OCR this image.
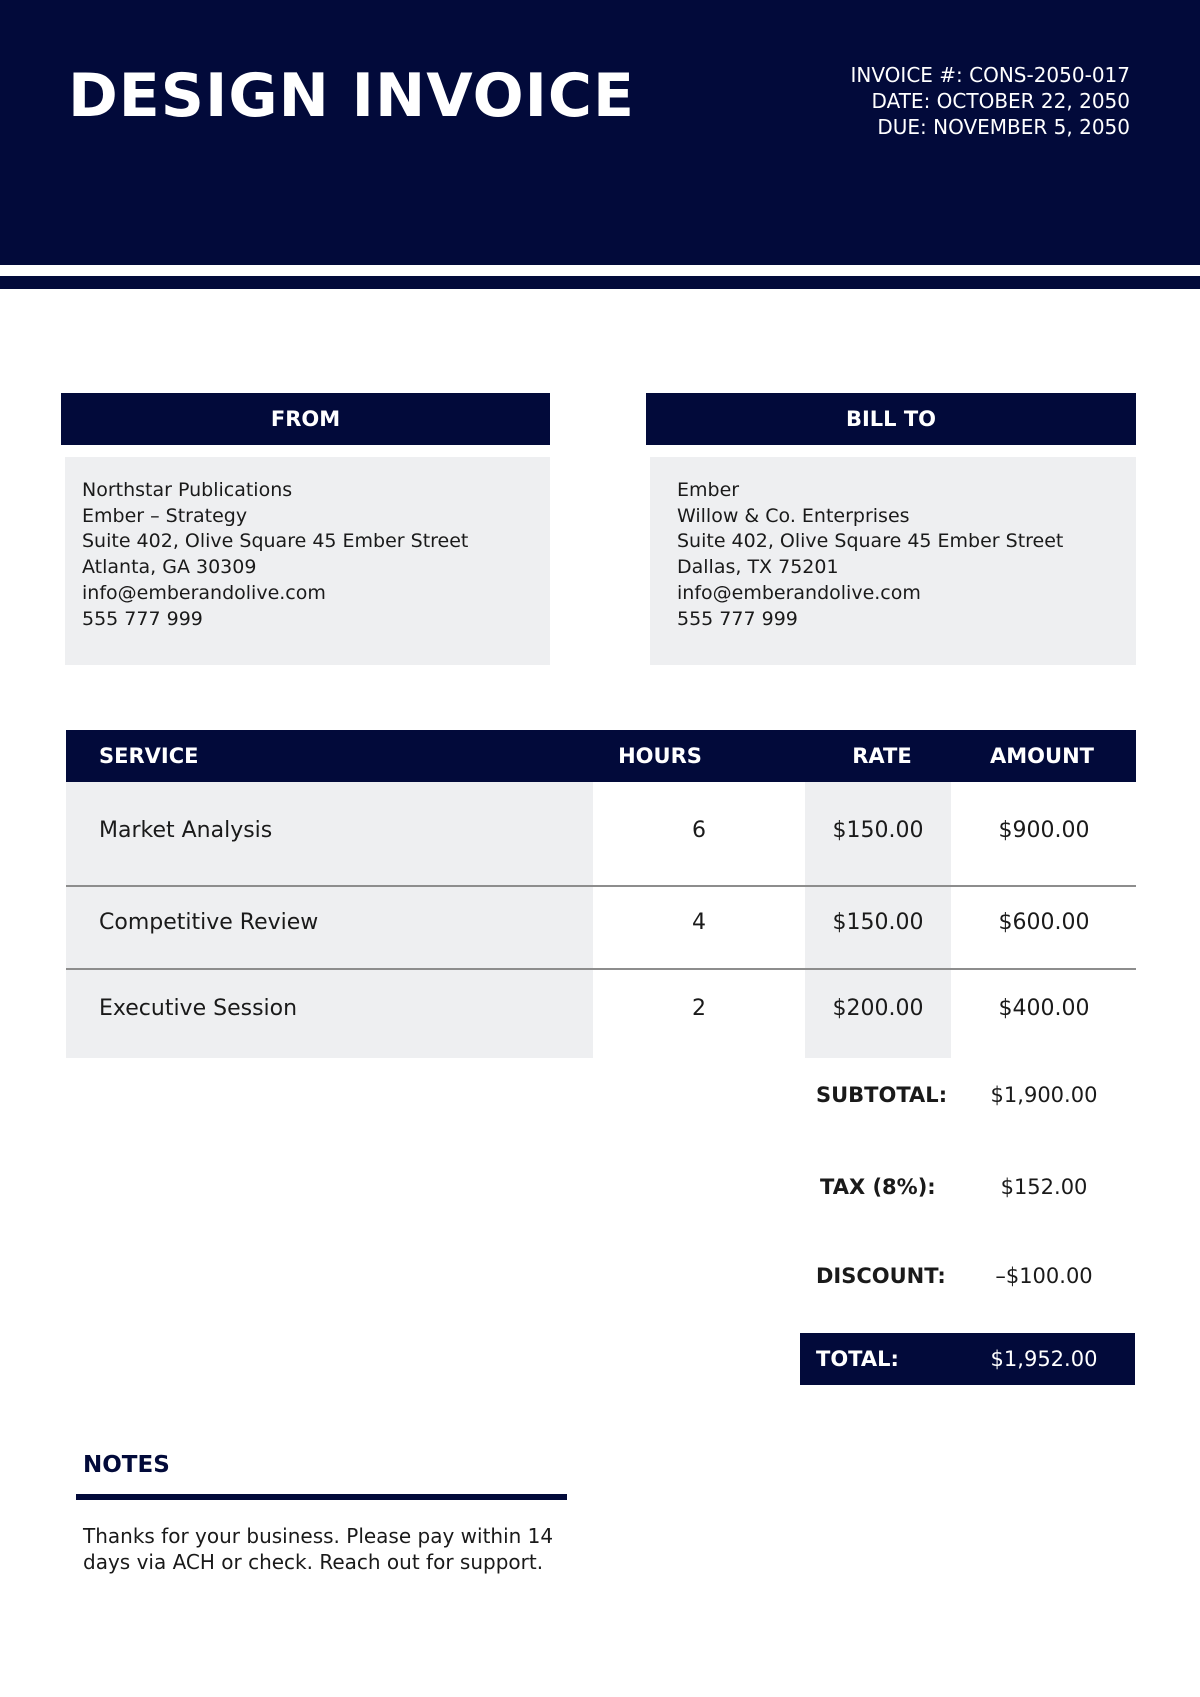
DESIGN INVOICE	INVOICE #: CONS-2050-017
DATE: OCTOBER 22, 2050
DUE: NOVEMBER 5, 2050
FROM
Northstar Publications
Ember – Strategy
Suite 402, Olive Square 45 Ember Street
Atlanta, GA 30309
info@emberandolive.com
555 777 999
BILL TO
Ember
Willow & Co. Enterprises
Suite 402, Olive Square 45 Ember Street
Dallas, TX 75201
info@emberandolive.com
555 777 999
SERVICE	HOURS	RATE	AMOUNT
Market Analysis	6	$150.00	$900.00
Competitive Review	4	$150.00	$600.00
Executive Session	2	$200.00	$400.00
SUBTOTAL: $1,900.00
TAX (8%):	$152.00
DISCOUNT: –$100.00
TOTAL:	$1,952.00
NOTES
Thanks for your business. Please pay within 14 days via ACH or check. Reach out for support.
